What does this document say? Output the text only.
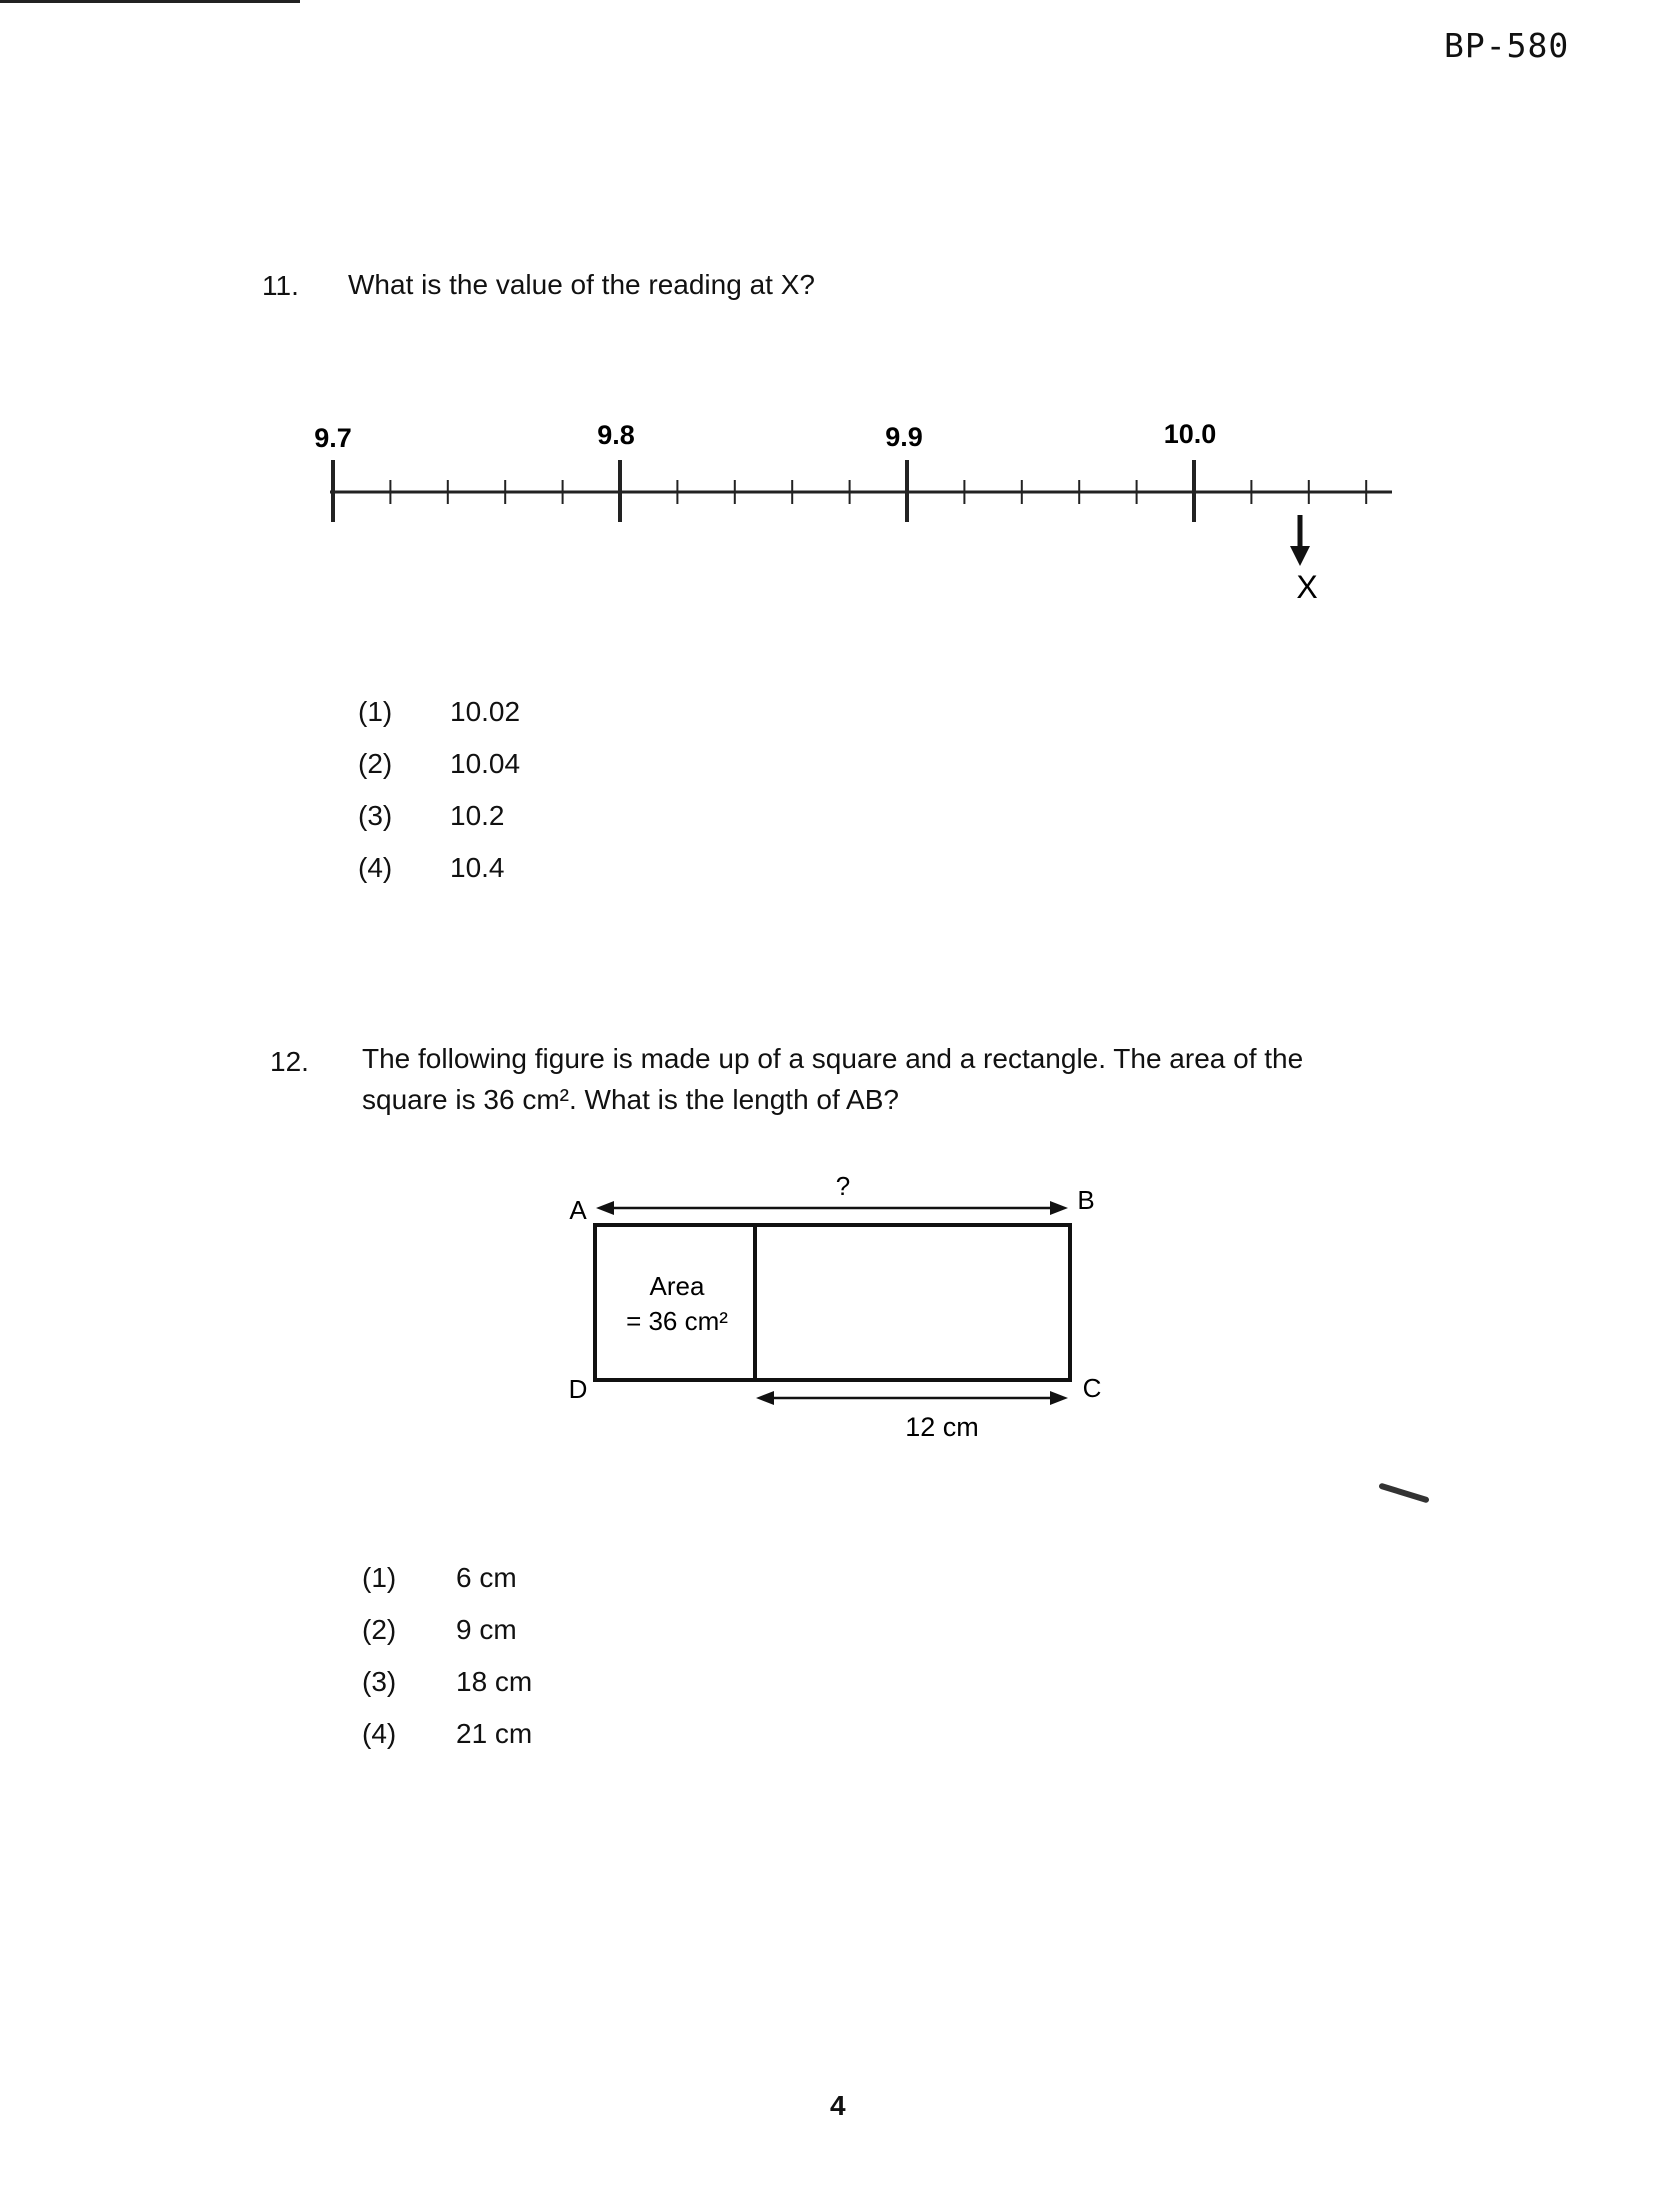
BP-580
11. What is the value of the reading at X?
9.7	9.8	9.9	10.0
X
(1) 10.02
(2) 10.04
(3) 10.2
(4) 10.4
12. The following figure is made up of a square and a rectangle. The area of the
square is 36 cm². What is the length of AB?
A	B
C
D
?
Area
= 36 cm²
12 cm
(1) 6 cm
(2) 9 cm
(3) 18 cm
(4) 21 cm
4
